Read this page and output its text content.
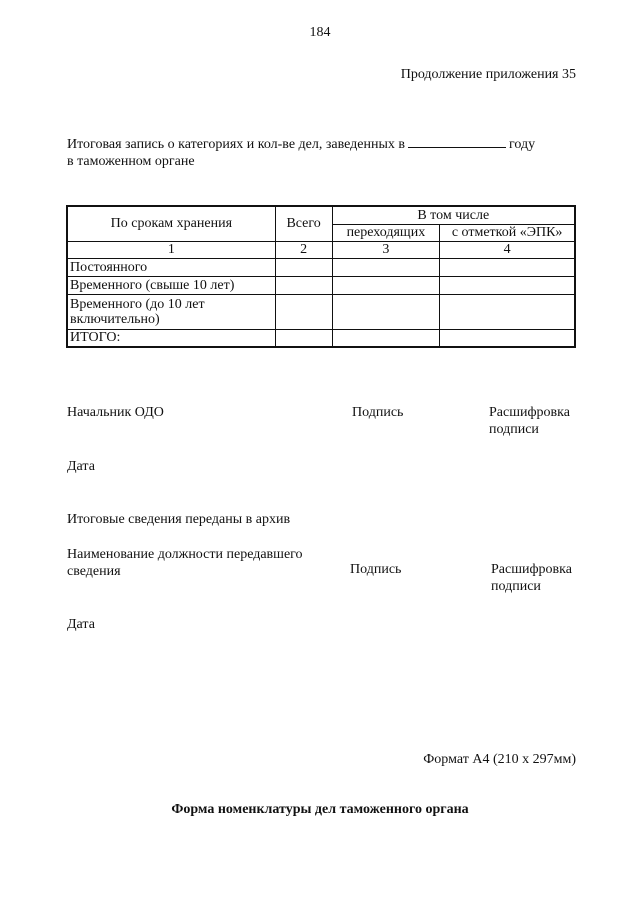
184
Продолжение приложения 35
Итоговая запись о категориях и кол-ве дел, заведенных в	году
в таможенном органе
По срокам хранения	Всего	В том числе	
		переходящих	с отметкой «ЭПК»
1	2	3	4
Постоянного			
Временного (свыше 10 лет)			
Временного (до 10 лет включительно)			
ИТОГО:			
Начальник ОДО	Подпись	Расшифровка
подписи
Дата
Итоговые сведения переданы в архив
Наименование должности передавшего
сведения	Подпись	Расшифровка
подписи
Дата
Формат А4 (210 х 297мм)
Форма номенклатуры дел таможенного органа
